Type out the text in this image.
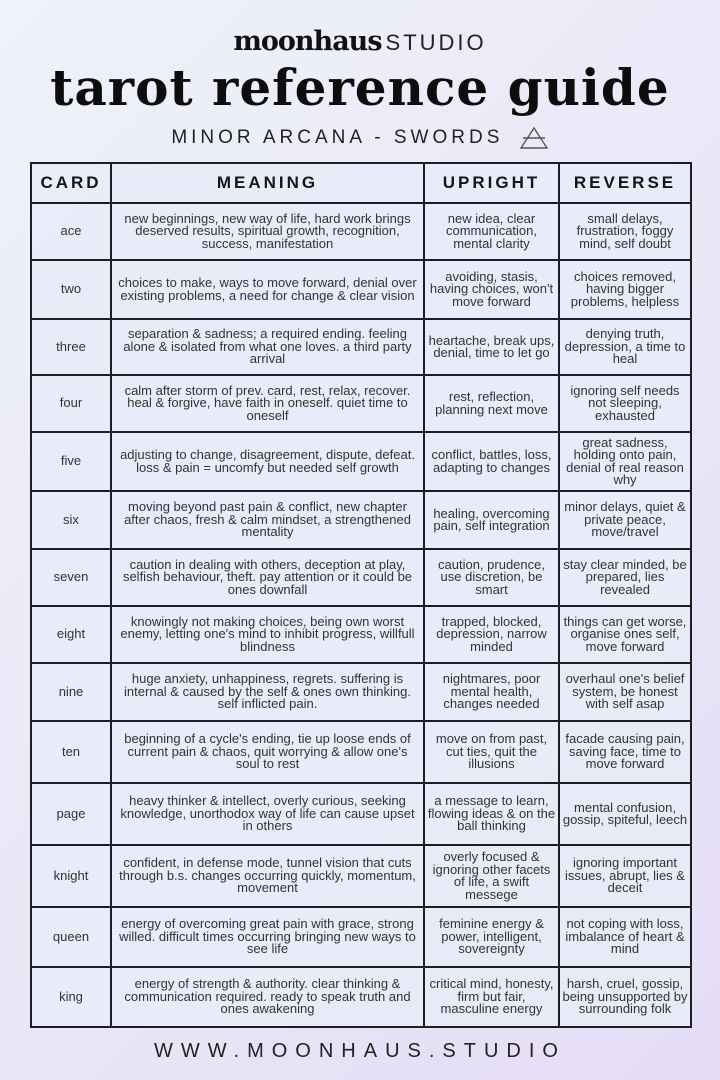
moonhaus STUDIO
tarot reference guide
MINOR ARCANA - SWORDS
CARD	MEANING	UPRIGHT	REVERSE
ace	new beginnings, new way of life, hard work brings deserved results, spiritual growth, recognition, success, manifestation	new idea, clear communication, mental clarity	small delays, frustration, foggy mind, self doubt
two	choices to make, ways to move forward, denial over existing problems, a need for change & clear vision	avoiding, stasis, having choices, won't move forward	choices removed, having bigger problems, helpless
three	separation & sadness; a required ending. feeling alone & isolated from what one loves. a third party arrival	heartache, break ups, denial, time to let go	denying truth, depression, a time to heal
four	calm after storm of prev. card, rest, relax, recover. heal & forgive, have faith in oneself. quiet time to oneself	rest, reflection, planning next move	ignoring self needs not sleeping, exhausted
five	adjusting to change, disagreement, dispute, defeat. loss & pain = uncomfy but needed self growth	conflict, battles, loss, adapting to changes	great sadness, holding onto pain, denial of real reason why
six	moving beyond past pain & conflict, new chapter after chaos, fresh & calm mindset, a strengthened mentality	healing, overcoming pain, self integration	minor delays, quiet & private peace, move/travel
seven	caution in dealing with others, deception at play, selfish behaviour, theft. pay attention or it could be ones downfall	caution, prudence, use discretion, be smart	stay clear minded, be prepared, lies revealed
eight	knowingly not making choices, being own worst enemy, letting one's mind to inhibit progress, willfull blindness	trapped, blocked, depression, narrow minded	things can get worse, organise ones self, move forward
nine	huge anxiety, unhappiness, regrets. suffering is internal & caused by the self & ones own thinking. self inflicted pain.	nightmares, poor mental health, changes needed	overhaul one's belief system, be honest with self asap
ten	beginning of a cycle's ending, tie up loose ends of current pain & chaos, quit worrying & allow one's soul to rest	move on from past, cut ties, quit the illusions	facade causing pain, saving face, time to move forward
page	heavy thinker & intellect, overly curious, seeking knowledge, unorthodox way of life can cause upset in others	a message to learn, flowing ideas & on the ball thinking	mental confusion, gossip, spiteful, leech
knight	confident, in defense mode, tunnel vision that cuts through b.s. changes occurring quickly, momentum, movement	overly focused & ignoring other facets of life, a swift messege	ignoring important issues, abrupt, lies & deceit
queen	energy of overcoming great pain with grace, strong willed. difficult times occurring bringing new ways to see life	feminine energy & power, intelligent, sovereignty	not coping with loss, imbalance of heart & mind
king	energy of strength & authority. clear thinking & communication required. ready to speak truth and ones awakening	critical mind, honesty, firm but fair, masculine energy	harsh, cruel, gossip, being unsupported by surrounding folk
WWW.MOONHAUS.STUDIO
